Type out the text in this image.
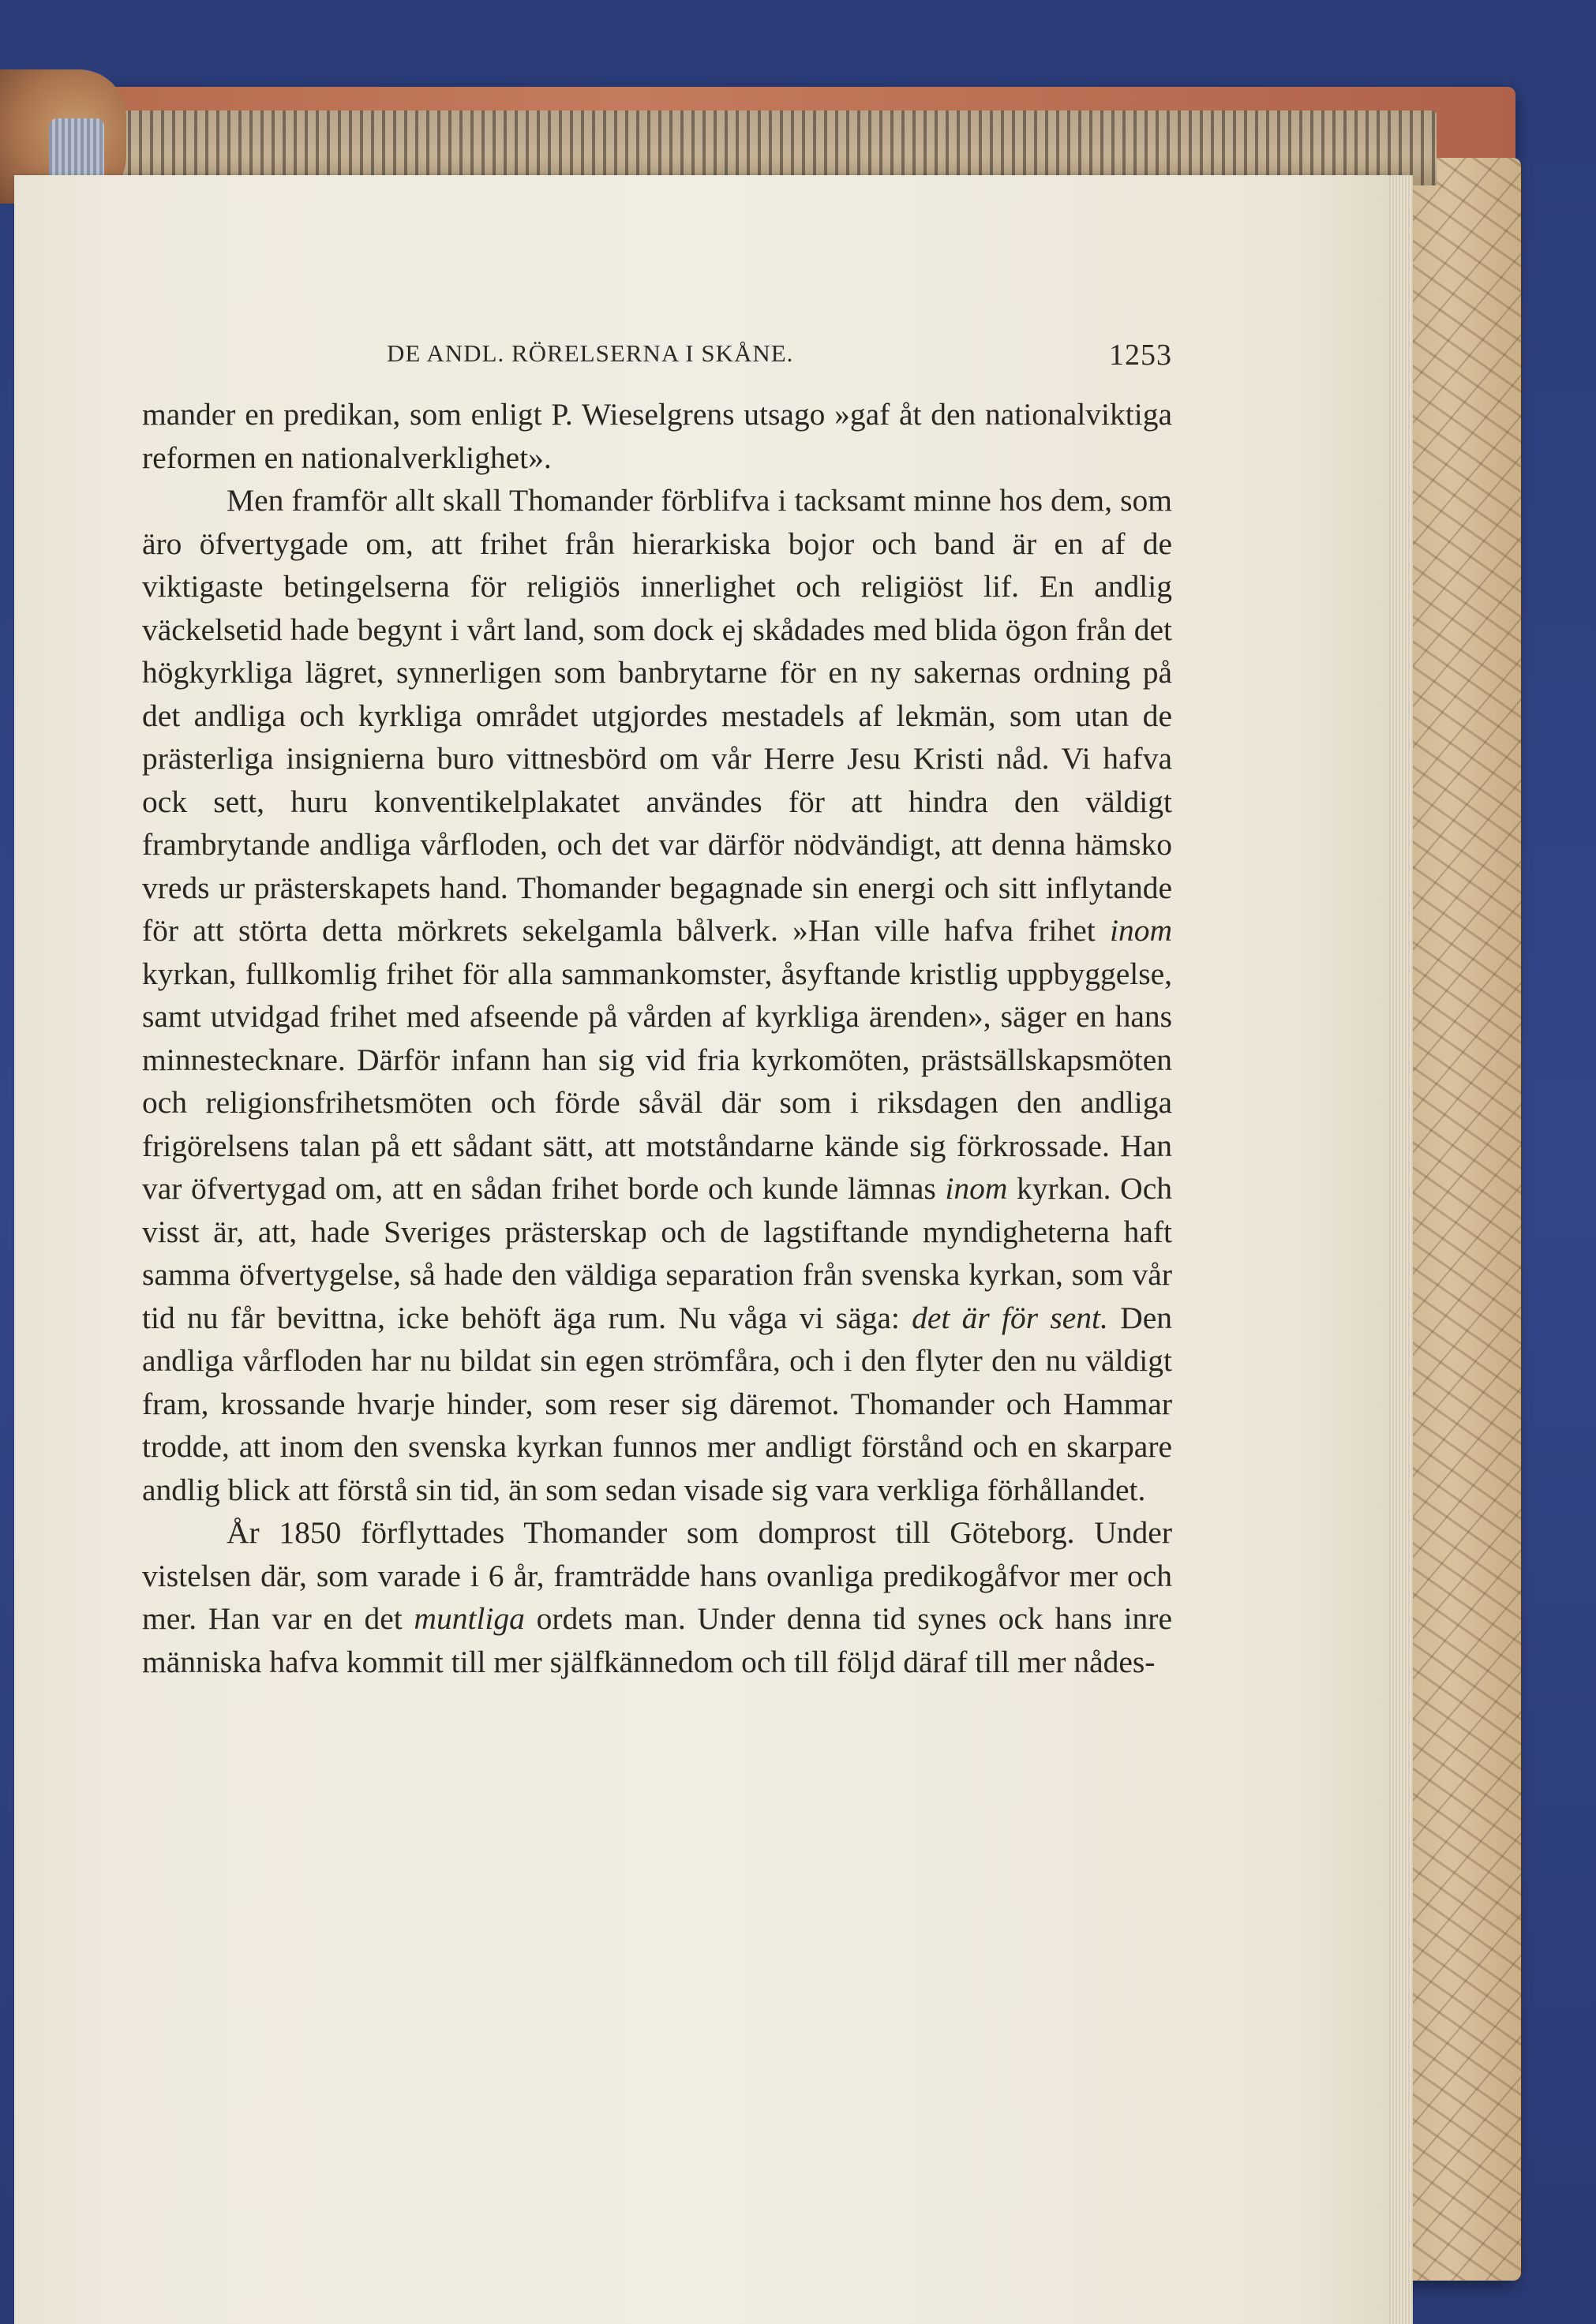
DE ANDL. RÖRELSERNA I SKÅNE.	1253

mander en predikan, som enligt P. Wieselgrens utsago »gaf åt den nationalviktiga reformen en nationalverklighet».

Men framför allt skall Thomander förblifva i tacksamt minne hos dem, som äro öfvertygade om, att frihet från hierarkiska bojor och band är en af de viktigaste betingelserna för religiös innerlighet och religiöst lif. En andlig väckelsetid hade begynt i vårt land, som dock ej skådades med blida ögon från det högkyrkliga lägret, synnerligen som banbrytarne för en ny sakernas ordning på det andliga och kyrkliga området utgjordes mestadels af lekmän, som utan de prästerliga insignierna buro vittnesbörd om vår Herre Jesu Kristi nåd. Vi hafva ock sett, huru konventikelplakatet användes för att hindra den väldigt frambrytande andliga vårfloden, och det var därför nödvändigt, att denna hämsko vreds ur prästerskapets hand. Thomander begagnade sin energi och sitt inflytande för att störta detta mörkrets sekelgamla bålverk. »Han ville hafva frihet inom kyrkan, fullkomlig frihet för alla sammankomster, åsyftande kristlig uppbyggelse, samt utvidgad frihet med afseende på vården af kyrkliga ärenden», säger en hans minnestecknare. Därför infann han sig vid fria kyrkomöten, prästsällskapsmöten och religionsfrihetsmöten och förde såväl där som i riksdagen den andliga frigörelsens talan på ett sådant sätt, att motståndarne kände sig förkrossade. Han var öfvertygad om, att en sådan frihet borde och kunde lämnas inom kyrkan. Och visst är, att, hade Sveriges prästerskap och de lagstiftande myndigheterna haft samma öfvertygelse, så hade den väldiga separation från svenska kyrkan, som vår tid nu får bevittna, icke behöft äga rum. Nu våga vi säga: det är för sent. Den andliga vårfloden har nu bildat sin egen strömfåra, och i den flyter den nu väldigt fram, krossande hvarje hinder, som reser sig däremot. Thomander och Hammar trodde, att inom den svenska kyrkan funnos mer andligt förstånd och en skarpare andlig blick att förstå sin tid, än som sedan visade sig vara verkliga förhållandet.

År 1850 förflyttades Thomander som domprost till Göteborg. Under vistelsen där, som varade i 6 år, framträdde hans ovanliga predikogåfvor mer och mer. Han var en det muntliga ordets man. Under denna tid synes ock hans inre människa hafva kommit till mer själfkännedom och till följd däraf till mer nådes-
